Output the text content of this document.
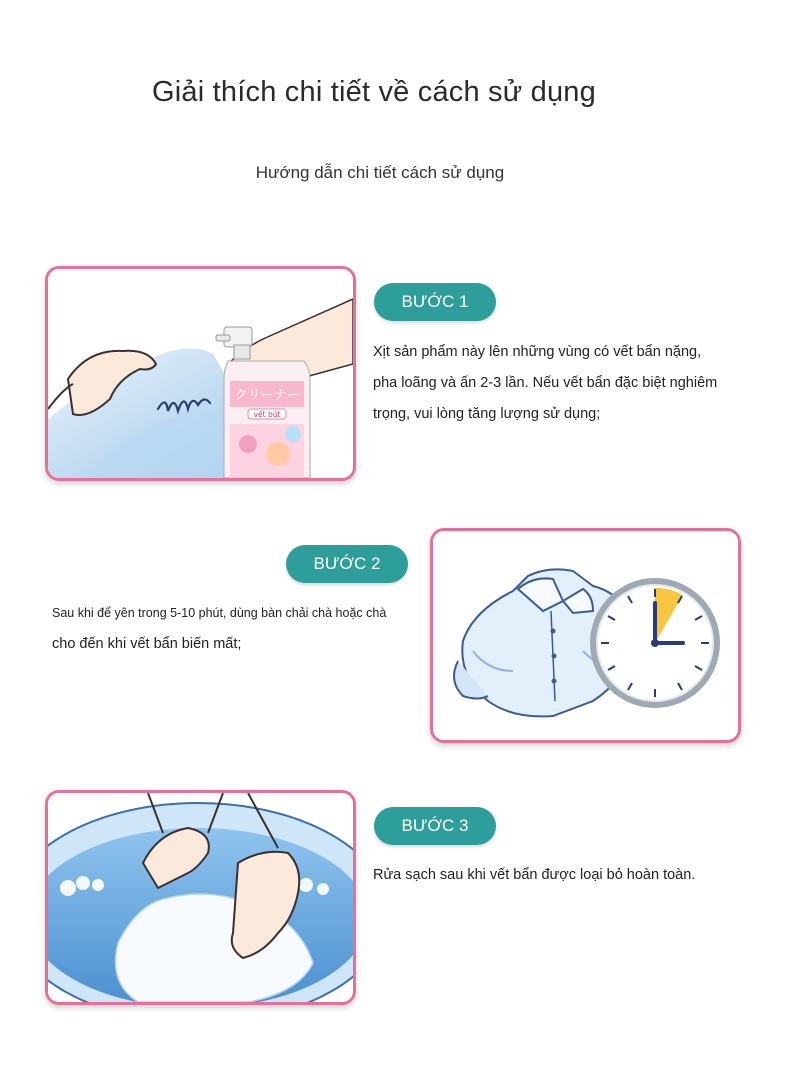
Giải thích chi tiết về cách sử dụng
Hướng dẫn chi tiết cách sử dụng
クリーナー
vết bút
BƯỚC 1

Xịt sản phẩm này lên những vùng có vết bẩn nặng,

pha loãng và ấn 2-3 lần. Nếu vết bẩn đặc biệt nghiêm

trọng, vui lòng tăng lượng sử dụng;

BƯỚC 2

Sau khi để yên trong 5-10 phút, dùng bàn chải chà hoặc chà

cho đến khi vết bẩn biến mất;

BƯỚC 3

Rửa sạch sau khi vết bẩn được loại bỏ hoàn toàn.
